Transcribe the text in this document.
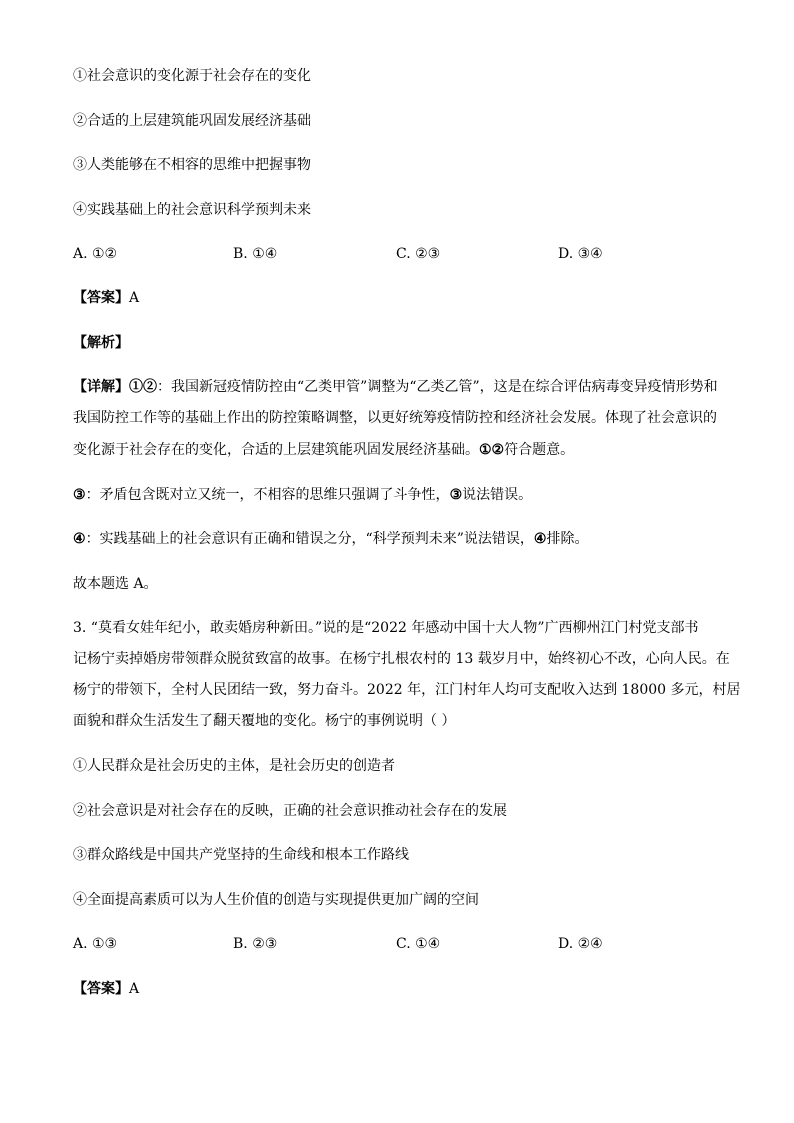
①社会意识的变化源于社会存在的变化
②合适的上层建筑能巩固发展经济基础
③人类能够在不相容的思维中把握事物
④实践基础上的社会意识科学预判未来
A. ①②	B. ①④	C. ②③	D. ③④
【答案】A
【解析】
【详解】①②：我国新冠疫情防控由“乙类甲管”调整为“乙类乙管”，这是在综合评估病毒变异疫情形势和
我国防控工作等的基础上作出的防控策略调整，以更好统筹疫情防控和经济社会发展。体现了社会意识的
变化源于社会存在的变化，合适的上层建筑能巩固发展经济基础。①②符合题意。
③：矛盾包含既对立又统一，不相容的思维只强调了斗争性，③说法错误。
④：实践基础上的社会意识有正确和错误之分，“科学预判未来”说法错误，④排除。
故本题选 A。
3. “莫看女娃年纪小，敢卖婚房种新田。”说的是“2022 年感动中国十大人物”广西柳州江门村党支部书
记杨宁卖掉婚房带领群众脱贫致富的故事。在杨宁扎根农村的 13 载岁月中，始终初心不改，心向人民。在
杨宁的带领下，全村人民团结一致，努力奋斗。2022 年，江门村年人均可支配收入达到 18000 多元，村居
面貌和群众生活发生了翻天覆地的变化。杨宁的事例说明（ ）
①人民群众是社会历史的主体，是社会历史的创造者
②社会意识是对社会存在的反映，正确的社会意识推动社会存在的发展
③群众路线是中国共产党坚持的生命线和根本工作路线
④全面提高素质可以为人生价值的创造与实现提供更加广阔的空间
A. ①③	B. ②③	C. ①④	D. ②④
【答案】A
